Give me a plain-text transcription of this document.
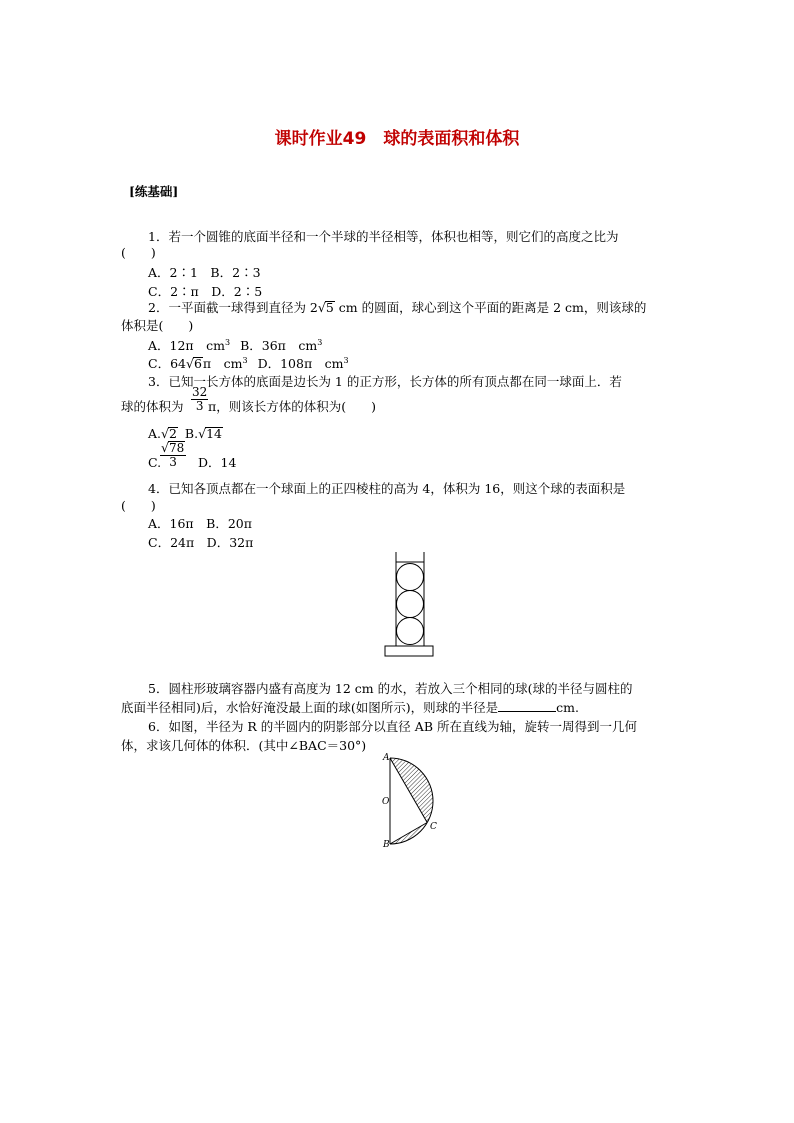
课时作业49　球的表面积和体积
[练基础]
1．若一个圆锥的底面半径和一个半球的半径相等，体积也相等，则它们的高度之比为
(　　)
A．2∶1　B．2∶3
C．2∶π　D．2∶5
2．一平面截一球得到直径为 2√5 cm 的圆面，球心到这个平面的距离是 2 cm，则该球的
体积是(　　)
A．12π　$cm^3$ B．36π　$cm^3$
C．64√6π　$cm^3$ D．108π　$cm^3$
3．已知一长方体的底面是边长为 1 的正方形，长方体的所有顶点都在同一球面上．若
球的体积为 $\frac{32}{3}$ π，则该长方体的体积为(　　)
A.√2 B.√14
C.
$\frac{√78}{3}$ D．14
4．已知各顶点都在一个球面上的正四棱柱的高为 4，体积为 16，则这个球的表面积是
(　　)
A．16π　B．20π
C．24π　D．32π
5．圆柱形玻璃容器内盛有高度为 12 cm 的水，若放入三个相同的球(球的半径与圆柱的
底面半径相同)后，水恰好淹没最上面的球(如图所示)，则球的半径是	cm.
6．如图，半径为 R 的半圆内的阴影部分以直径 AB 所在直线为轴，旋转一周得到一几何
体，求该几何体的体积．(其中∠BAC＝30°)
A
O
B
C
